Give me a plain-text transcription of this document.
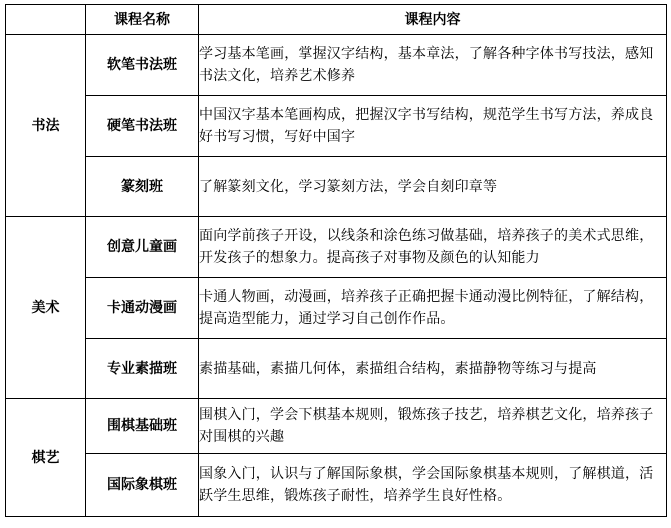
	课程名称	课程内容
书法	软笔书法班	学习基本笔画，掌握汉字结构，基本章法，了解各种字体书写技法，感知书法文化，培养艺术修养
	硬笔书法班	中国汉字基本笔画构成，把握汉字书写结构，规范学生书写方法，养成良好书写习惯，写好中国字
	篆刻班	了解篆刻文化，学习篆刻方法，学会自刻印章等
美术	创意儿童画	面向学前孩子开设，以线条和涂色练习做基础，培养孩子的美术式思维，开发孩子的想象力。提高孩子对事物及颜色的认知能力
	卡通动漫画	卡通人物画，动漫画，培养孩子正确把握卡通动漫比例特征，了解结构，提高造型能力，通过学习自己创作作品。
	专业素描班	素描基础，素描几何体，素描组合结构，素描静物等练习与提高
棋艺	围棋基础班	围棋入门，学会下棋基本规则，锻炼孩子技艺，培养棋艺文化，培养孩子对围棋的兴趣
	国际象棋班	国象入门，认识与了解国际象棋，学会国际象棋基本规则，了解棋道，活跃学生思维，锻炼孩子耐性，培养学生良好性格。
